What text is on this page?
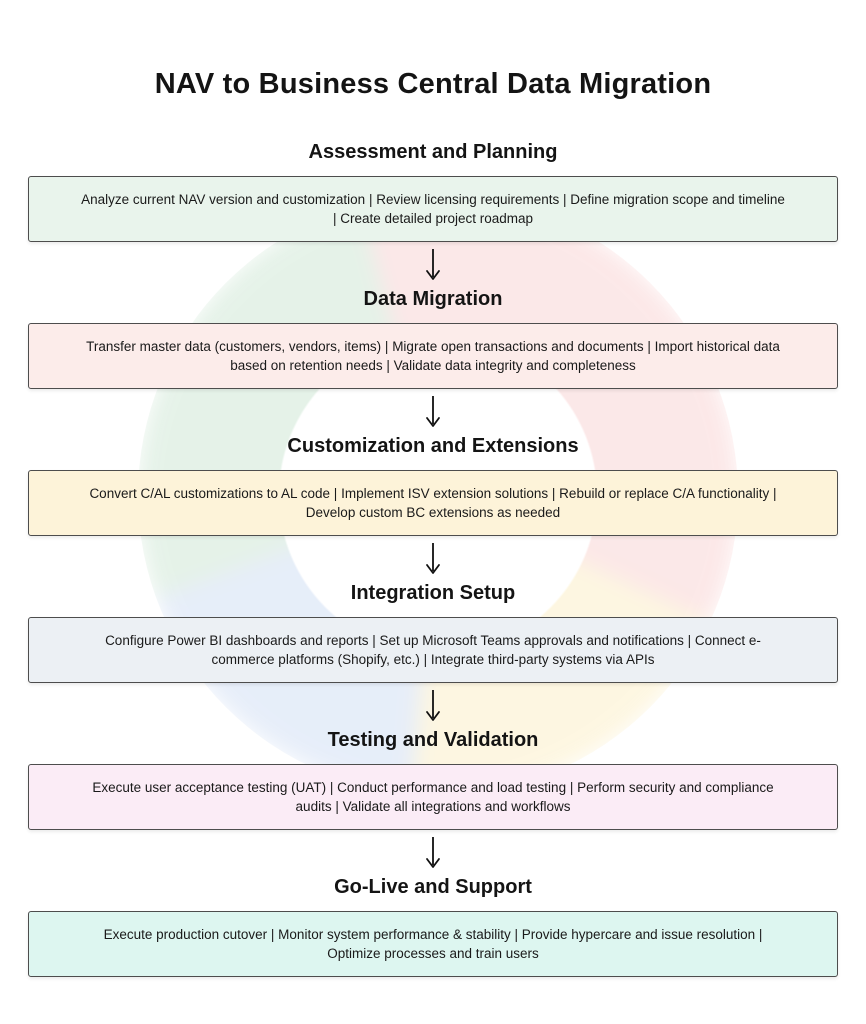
NAV to Business Central Data Migration
Assessment and Planning
Analyze current NAV version and customization | Review licensing requirements | Define migration scope and timeline | Create detailed project roadmap
Data Migration
Transfer master data (customers, vendors, items) | Migrate open transactions and documents | Import historical data based on retention needs | Validate data integrity and completeness
Customization and Extensions
Convert C/AL customizations to AL code | Implement ISV extension solutions | Rebuild or replace C/A functionality | Develop custom BC extensions as needed
Integration Setup
Configure Power BI dashboards and reports | Set up Microsoft Teams approvals and notifications | Connect e-commerce platforms (Shopify, etc.) | Integrate third-party systems via APIs
Testing and Validation
Execute user acceptance testing (UAT) | Conduct performance and load testing | Perform security and compliance audits | Validate all integrations and workflows
Go-Live and Support
Execute production cutover | Monitor system performance & stability | Provide hypercare and issue resolution | Optimize processes and train users
